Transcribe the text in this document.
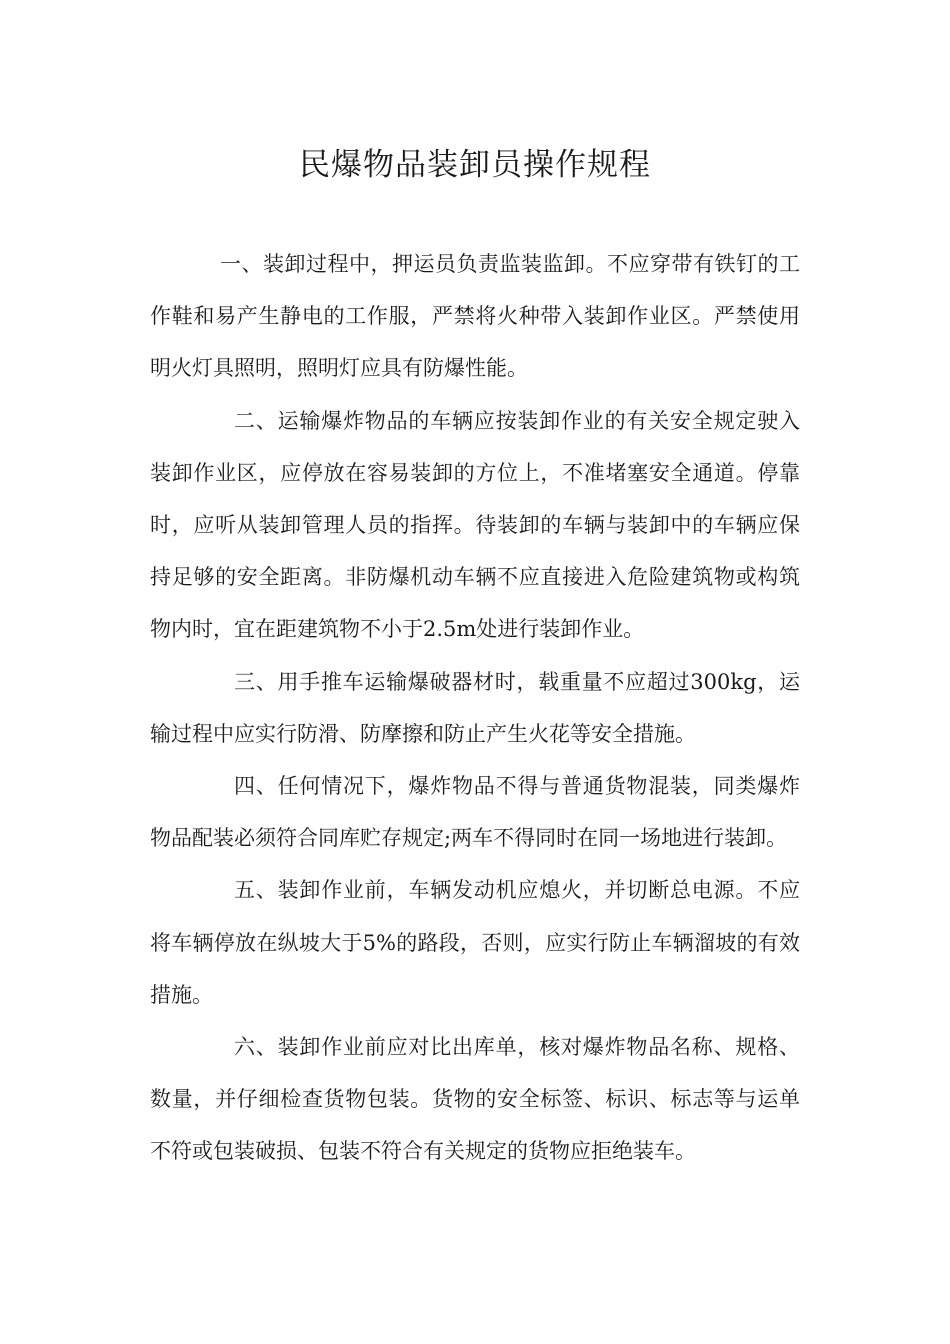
民爆物品装卸员操作规程

一、装卸过程中，押运员负责监装监卸。不应穿带有铁钉的工作鞋和易产生静电的工作服，严禁将火种带入装卸作业区。严禁使用明火灯具照明，照明灯应具有防爆性能。

二、运输爆炸物品的车辆应按装卸作业的有关安全规定驶入装卸作业区，应停放在容易装卸的方位上，不准堵塞安全通道。停靠时，应听从装卸管理人员的指挥。待装卸的车辆与装卸中的车辆应保持足够的安全距离。非防爆机动车辆不应直接进入危险建筑物或构筑物内时，宜在距建筑物不小于2.5m处进行装卸作业。

三、用手推车运输爆破器材时，载重量不应超过300kg，运输过程中应实行防滑、防摩擦和防止产生火花等安全措施。

四、任何情况下，爆炸物品不得与普通货物混装，同类爆炸物品配装必须符合同库贮存规定;两车不得同时在同一场地进行装卸。

五、装卸作业前，车辆发动机应熄火，并切断总电源。不应将车辆停放在纵坡大于5%的路段，否则，应实行防止车辆溜坡的有效措施。

六、装卸作业前应对比出库单，核对爆炸物品名称、规格、数量，并仔细检查货物包装。货物的安全标签、标识、标志等与运单不符或包装破损、包装不符合有关规定的货物应拒绝装车。
